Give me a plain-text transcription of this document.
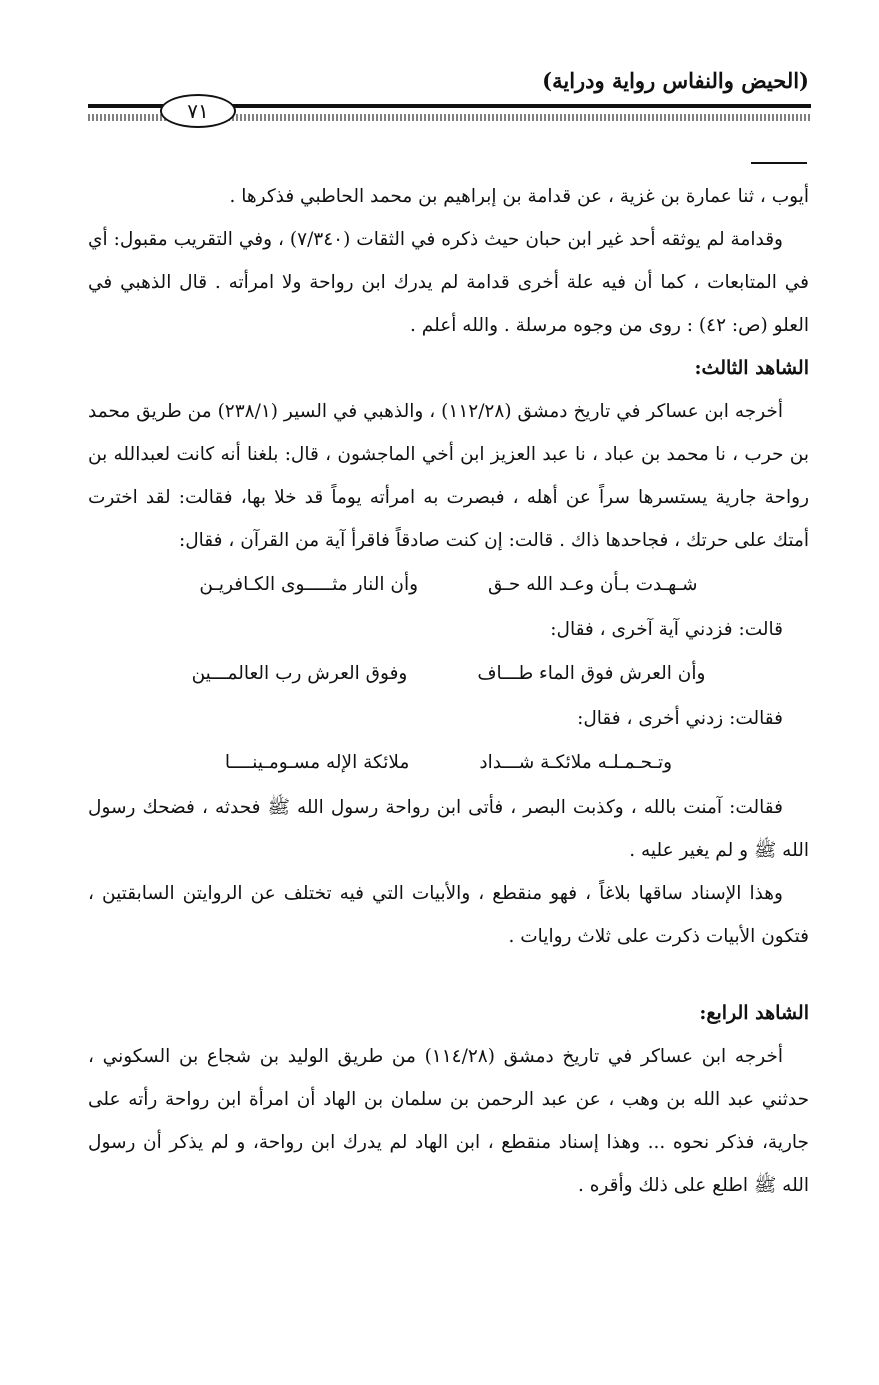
(الحيض والنفاس رواية ودراية)
٧١

أيوب ، ثنا عمارة بن غزية ، عن قدامة بن إبراهيم بن محمد الحاطبي فذكرها .

وقدامة لم يوثقه أحد غير ابن حبان حيث ذكره في الثقات (٧/٣٤٠) ، وفي التقريب مقبول: أي في المتابعات ، كما أن فيه علة أخرى قدامة لم يدرك ابن رواحة ولا امرأته . قال الذهبي في العلو (ص: ٤٢) : روى من وجوه مرسلة . والله أعلم .

الشاهد الثالث:

أخرجه ابن عساكر في تاريخ دمشق (١١٢/٢٨) ، والذهبي في السير (٢٣٨/١) من طريق محمد بن حرب ، نا محمد بن عباد ، نا عبد العزيز ابن أخي الماجشون ، قال: بلغنا أنه كانت لعبدالله بن رواحة جارية يستسرها سراً عن أهله ، فبصرت به امرأته يوماً قد خلا بها، فقالت: لقد اخترت أمتك على حرتك ، فجاحدها ذاك . قالت: إن كنت صادقاً فاقرأ آية من القرآن ، فقال:

شـهـدت بـأن وعـد الله حـق
وأن النار مثـــــوى الكـافريـن

قالت: فزدني آية آخرى ، فقال:

وأن العرش فوق الماء طـــاف
وفوق العرش رب العالمـــين

فقالت: زدني أخرى ، فقال:

وتـحـمـلـه ملائكـة شـــداد
ملائكة الإله مسـومـينــــا

فقالت: آمنت بالله ، وكذبت البصر ، فأتى ابن رواحة رسول الله ﷺ فحدثه ، فضحك رسول الله ﷺ و لم يغير عليه .

وهذا الإسناد ساقها بلاغاً ، فهو منقطع ، والأبيات التي فيه تختلف عن الروايتن السابقتين ، فتكون الأبيات ذكرت على ثلاث روايات .

الشاهد الرابع:

أخرجه ابن عساكر في تاريخ دمشق (١١٤/٢٨) من طريق الوليد بن شجاع بن السكوني ، حدثني عبد الله بن وهب ، عن عبد الرحمن بن سلمان بن الهاد أن امرأة ابن رواحة رأته على جارية، فذكر نحوه ... وهذا إسناد منقطع ، ابن الهاد لم يدرك ابن رواحة، و لم يذكر أن رسول الله ﷺ اطلع على ذلك وأقره .
